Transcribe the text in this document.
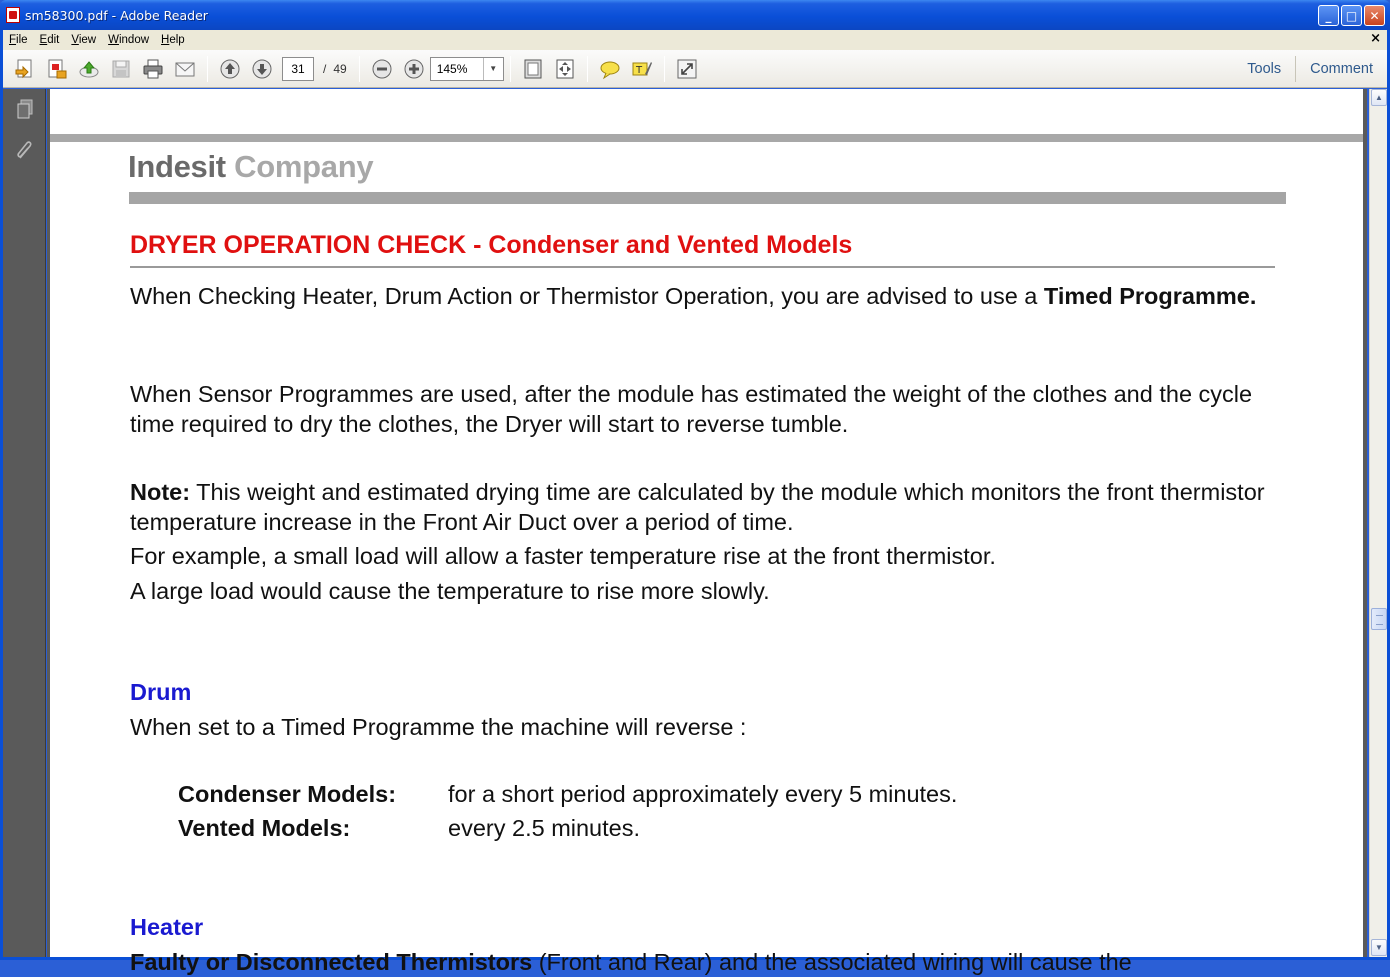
sm58300.pdf - Adobe Reader	_	□	✕
File	Edit	View	Window	Help	×
31	/ 49	145%	▼	T	Tools	Comment
Indesit Company
DRYER OPERATION CHECK - Condenser and Vented Models
When Checking Heater, Drum Action or Thermistor Operation, you are advised to use a Timed Programme.
When Sensor Programmes are used, after the module has estimated the weight of the clothes and the cycle time required to dry the clothes, the Dryer will start to reverse tumble.
Note: This weight and estimated drying time are calculated by the module which monitors the front thermistor temperature increase in the Front Air Duct over a period of time.
For example, a small load will allow a faster temperature rise at the front thermistor.
A large load would cause the temperature to rise more slowly.
Drum
When set to a Timed Programme the machine will reverse :
Condenser Models: for a short period approximately every 5 minutes.
Vented Models:	every 2.5 minutes.
Heater
Faulty or Disconnected Thermistors (Front and Rear) and the associated wiring will cause the
▲
▼
